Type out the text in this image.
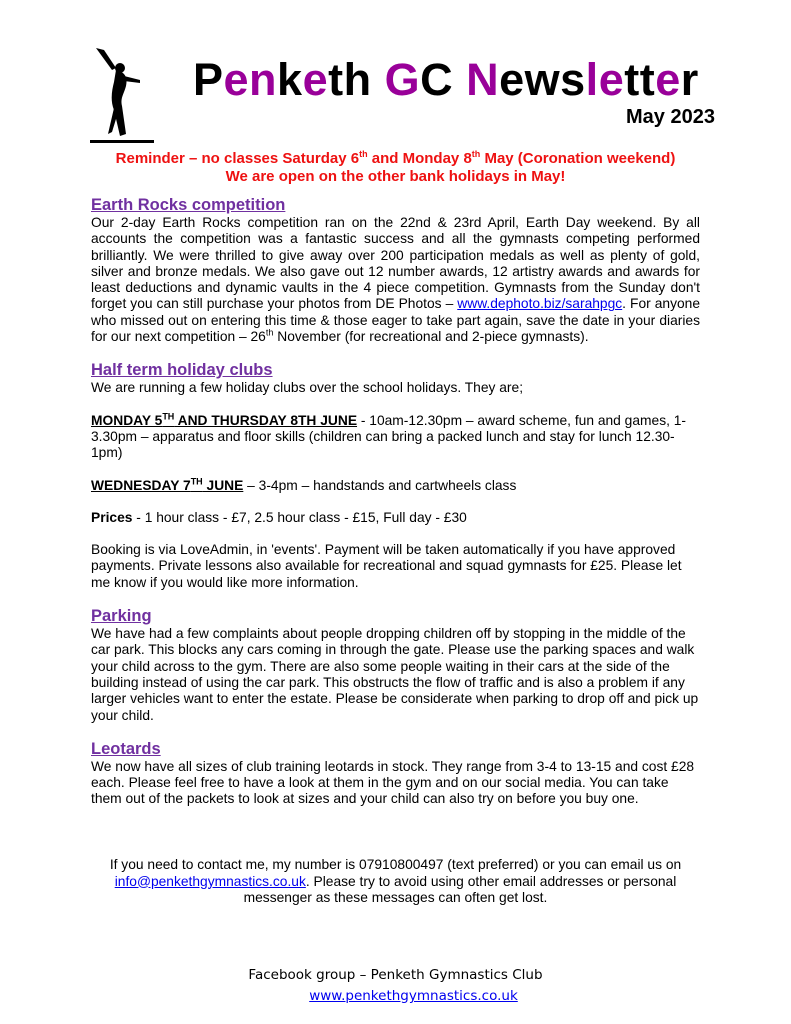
Penketh GC Newsletter
May 2023
Reminder – no classes Saturday 6th and Monday 8th May (Coronation weekend)
We are open on the other bank holidays in May!
Earth Rocks competition

Our 2-day Earth Rocks competition ran on the 22nd & 23rd April, Earth Day weekend. By all accounts the competition was a fantastic success and all the gymnasts competing performed brilliantly. We were thrilled to give away over 200 participation medals as well as plenty of gold, silver and bronze medals. We also gave out 12 number awards, 12 artistry awards and awards for least deductions and dynamic vaults in the 4 piece competition. Gymnasts from the Sunday don't forget you can still purchase your photos from DE Photos – www.dephoto.biz/sarahpgc. For anyone who missed out on entering this time & those eager to take part again, save the date in your diaries for our next competition – 26th November (for recreational and 2-piece gymnasts).

Half term holiday clubs

We are running a few holiday clubs over the school holidays. They are;

MONDAY 5TH AND THURSDAY 8TH JUNE - 10am-12.30pm – award scheme, fun and games, 1-3.30pm – apparatus and floor skills (children can bring a packed lunch and stay for lunch 12.30-1pm)

WEDNESDAY 7TH JUNE – 3-4pm – handstands and cartwheels class

Prices - 1 hour class - £7, 2.5 hour class - £15, Full day - £30

Booking is via LoveAdmin, in 'events'. Payment will be taken automatically if you have approved payments. Private lessons also available for recreational and squad gymnasts for £25. Please let me know if you would like more information.

Parking

We have had a few complaints about people dropping children off by stopping in the middle of the car park. This blocks any cars coming in through the gate. Please use the parking spaces and walk your child across to the gym. There are also some people waiting in their cars at the side of the building instead of using the car park. This obstructs the flow of traffic and is also a problem if any larger vehicles want to enter the estate. Please be considerate when parking to drop off and pick up your child.

Leotards

We now have all sizes of club training leotards in stock. They range from 3-4 to 13-15 and cost £28 each. Please feel free to have a look at them in the gym and on our social media. You can take them out of the packets to look at sizes and your child can also try on before you buy one.

If you need to contact me, my number is 07910800497 (text preferred) or you can email us on
info@penkethgymnastics.co.uk. Please try to avoid using other email addresses or personal messenger as these messages can often get lost.
Facebook group – Penketh Gymnastics Club
www.penkethgymnastics.co.uk
